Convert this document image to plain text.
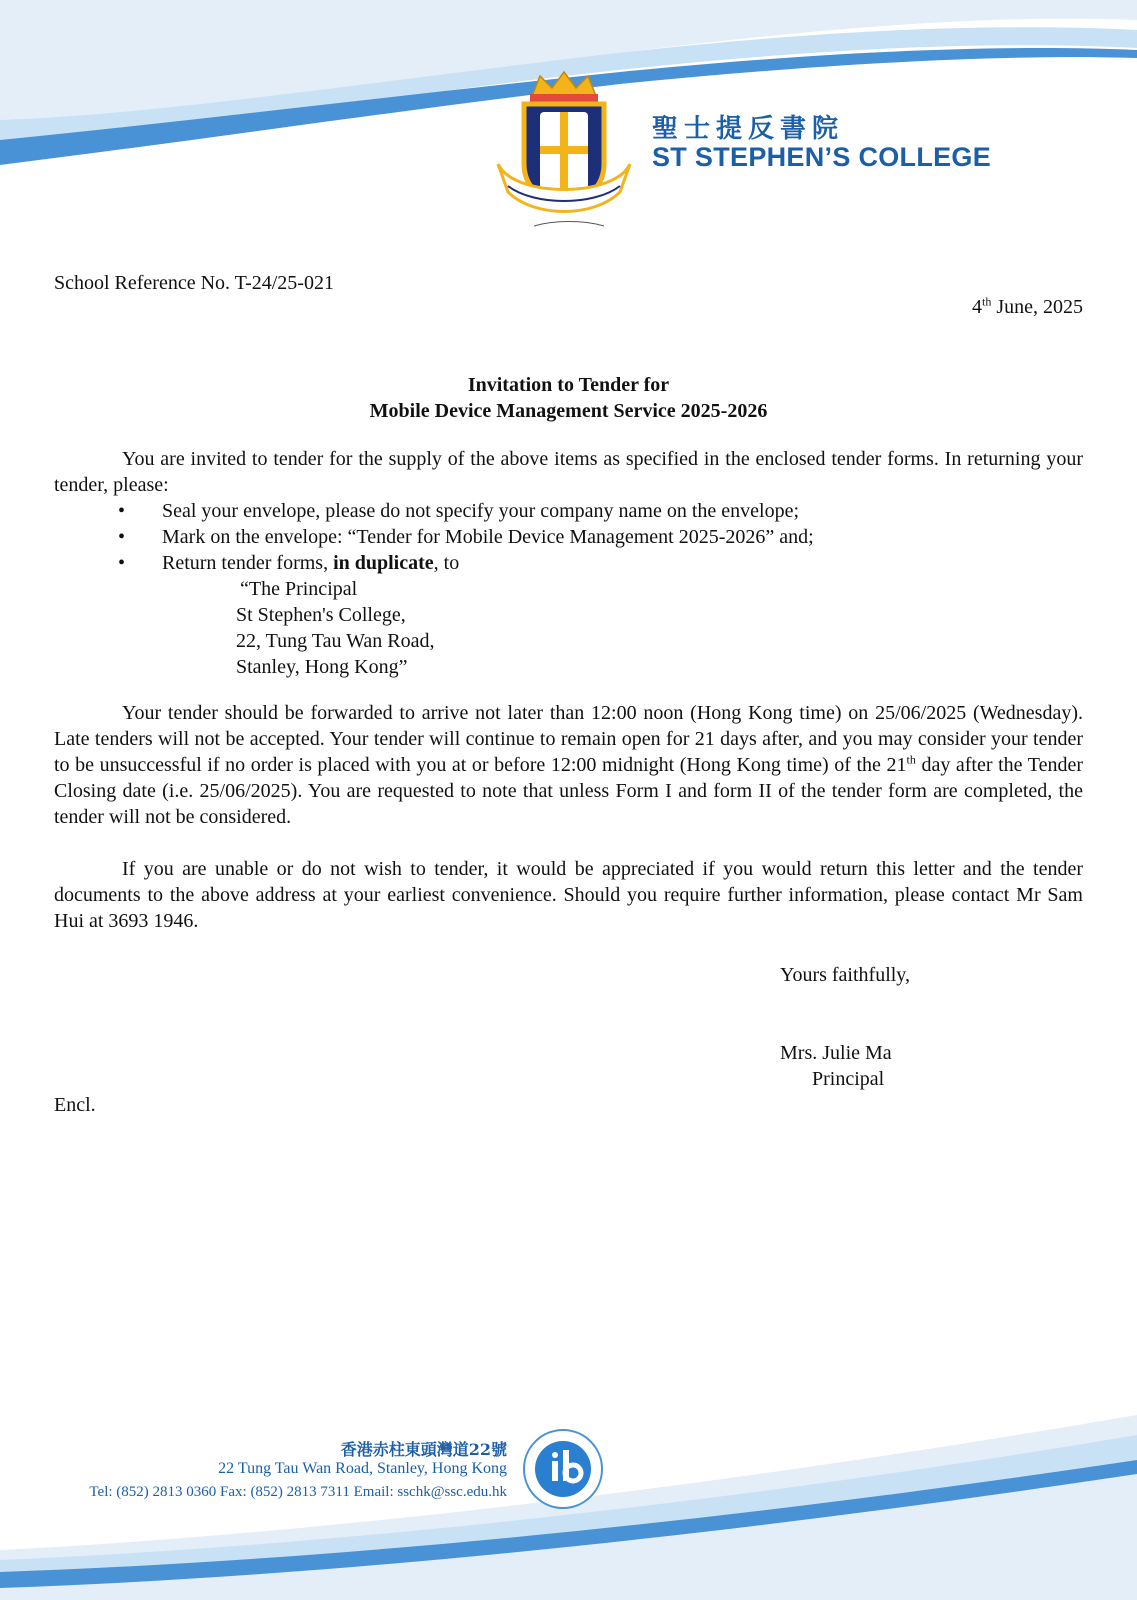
聖士提反書院
ST STEPHEN’S COLLEGE
School Reference No. T-24/25-021
4th June, 2025
Invitation to Tender for
Mobile Device Management Service 2025-2026
You are invited to tender for the supply of the above items as specified in the enclosed tender forms. In returning your tender, please:
• Seal your envelope, please do not specify your company name on the envelope;
• Mark on the envelope: “Tender for Mobile Device Management 2025-2026” and;
• Return tender forms, in duplicate, to
“The Principal
St Stephen's College,
22, Tung Tau Wan Road,
Stanley, Hong Kong”
Your tender should be forwarded to arrive not later than 12:00 noon (Hong Kong time) on 25/06/2025 (Wednesday). Late tenders will not be accepted. Your tender will continue to remain open for 21 days after, and you may consider your tender to be unsuccessful if no order is placed with you at or before 12:00 midnight (Hong Kong time) of the 21th day after the Tender Closing date (i.e. 25/06/2025). You are requested to note that unless Form I and form II of the tender form are completed, the tender will not be considered.
If you are unable or do not wish to tender, it would be appreciated if you would return this letter and the tender documents to the above address at your earliest convenience. Should you require further information, please contact Mr Sam Hui at 3693 1946.
Yours faithfully,
Mrs. Julie Ma
Principal
Encl.
香港赤柱東頭灣道22號
22 Tung Tau Wan Road, Stanley, Hong Kong
Tel: (852) 2813 0360 Fax: (852) 2813 7311 Email: sschk@ssc.edu.hk
